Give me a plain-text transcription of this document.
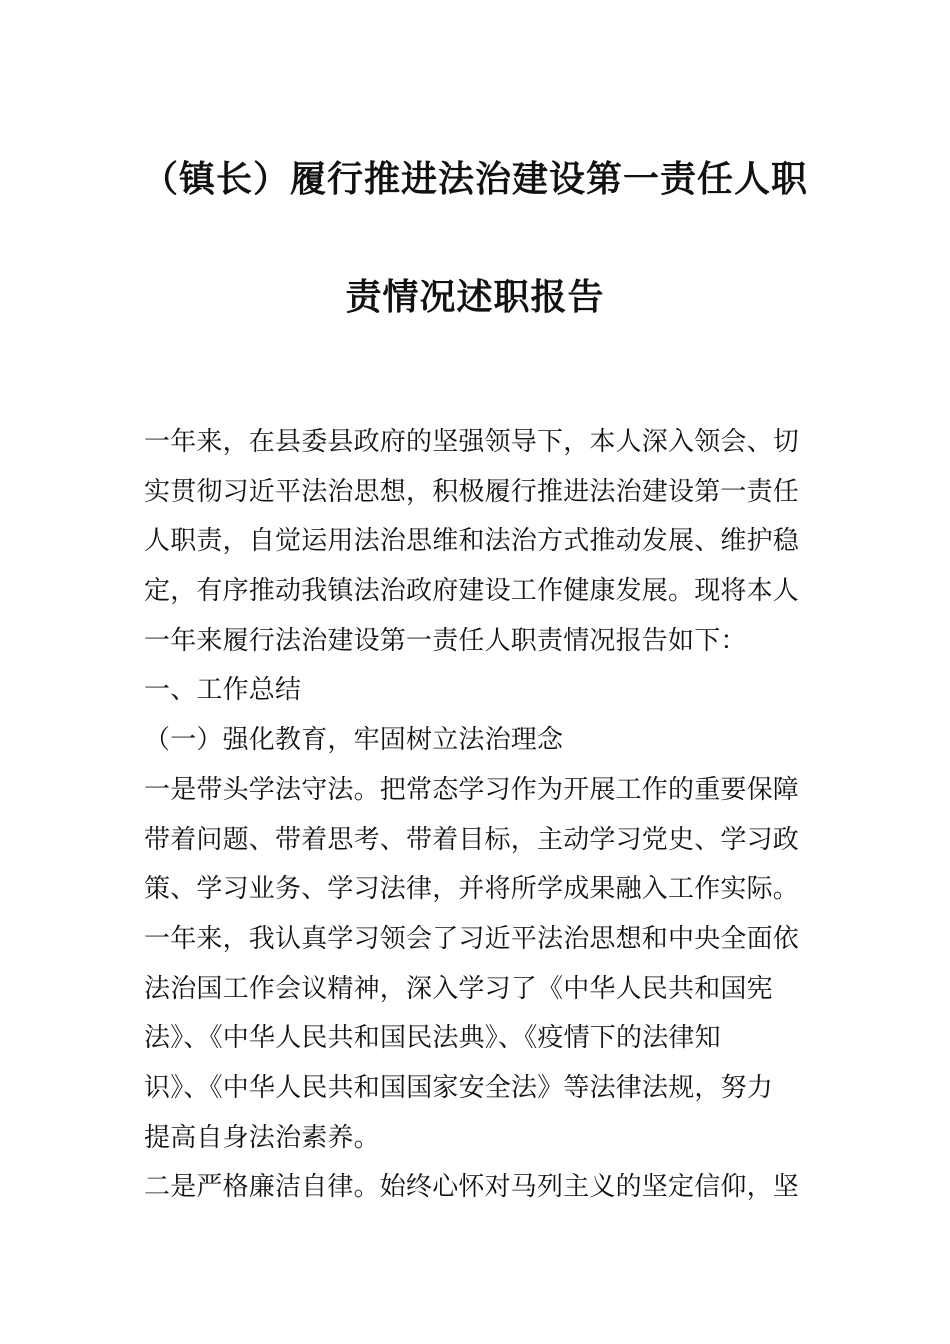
（镇长）履行推进法治建设第一责任人职
责情况述职报告
一年来，在县委县政府的坚强领导下，本人深入领会、切
实贯彻习近平法治思想，积极履行推进法治建设第一责任
人职责，自觉运用法治思维和法治方式推动发展、维护稳
定，有序推动我镇法治政府建设工作健康发展。现将本人
一年来履行法治建设第一责任人职责情况报告如下：
一、工作总结
（一）强化教育，牢固树立法治理念
一是带头学法守法。把常态学习作为开展工作的重要保障
带着问题、带着思考、带着目标，主动学习党史、学习政
策、学习业务、学习法律，并将所学成果融入工作实际。
一年来，我认真学习领会了习近平法治思想和中央全面依
法治国工作会议精神，深入学习了《中华人民共和国宪
法》、《中华人民共和国民法典》、《疫情下的法律知
识》、《中华人民共和国国家安全法》等法律法规，努力
提高自身法治素养。
二是严格廉洁自律。始终心怀对马列主义的坚定信仰，坚
